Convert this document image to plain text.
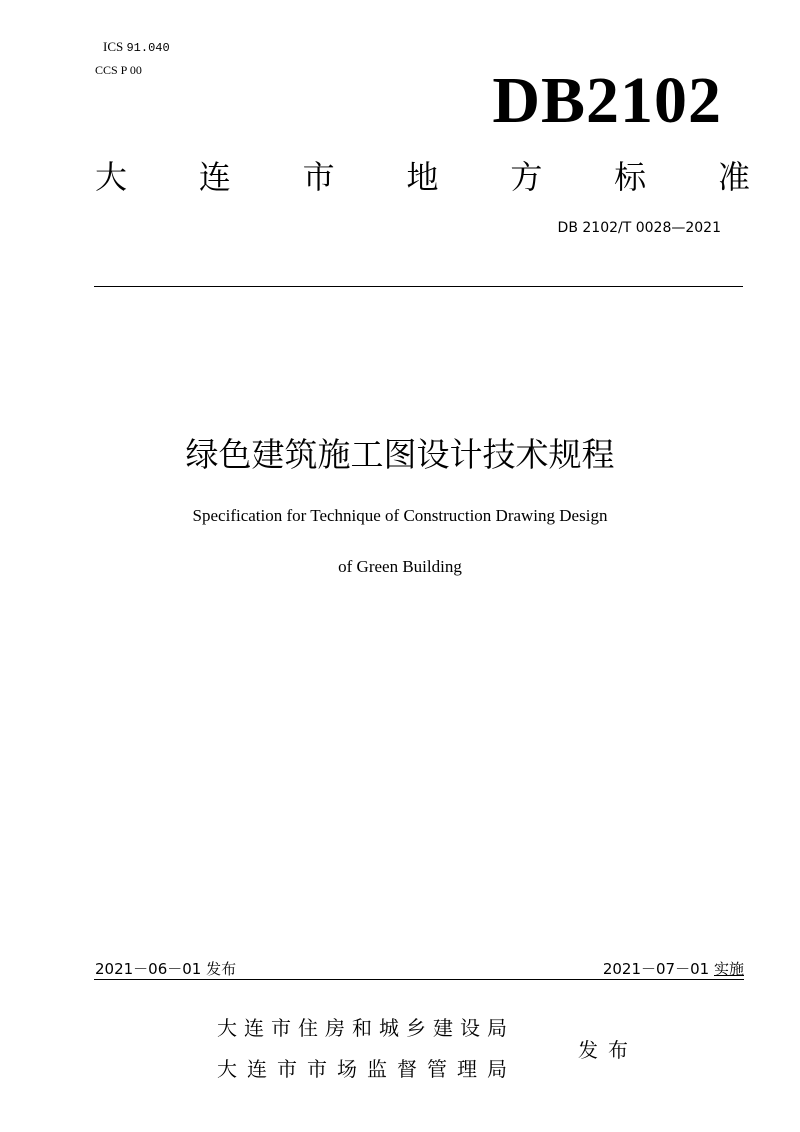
ICS 91.040
CCS P 00	DB2102
大 连 市 地 方 标 准
DB 2102/T 0028—2021
绿色建筑施工图设计技术规程
Specification for Technique of Construction Drawing Design
of Green Building
2021－06－01 发布	2021－07－01 实施
大连市住房和城乡建设局
大连市市场监督管理局
发布
